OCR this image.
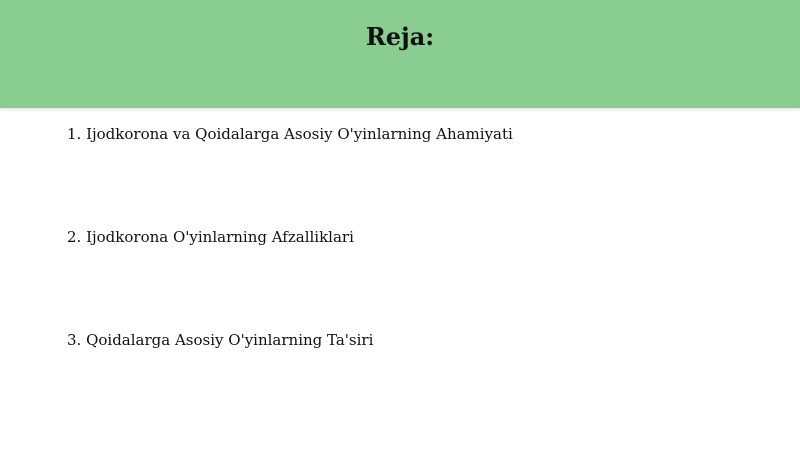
Reja:
1. Ijodkorona va Qoidalarga Asosiy O'yinlarning Ahamiyati
2. Ijodkorona O'yinlarning Afzalliklari
3. Qoidalarga Asosiy O'yinlarning Ta'siri
